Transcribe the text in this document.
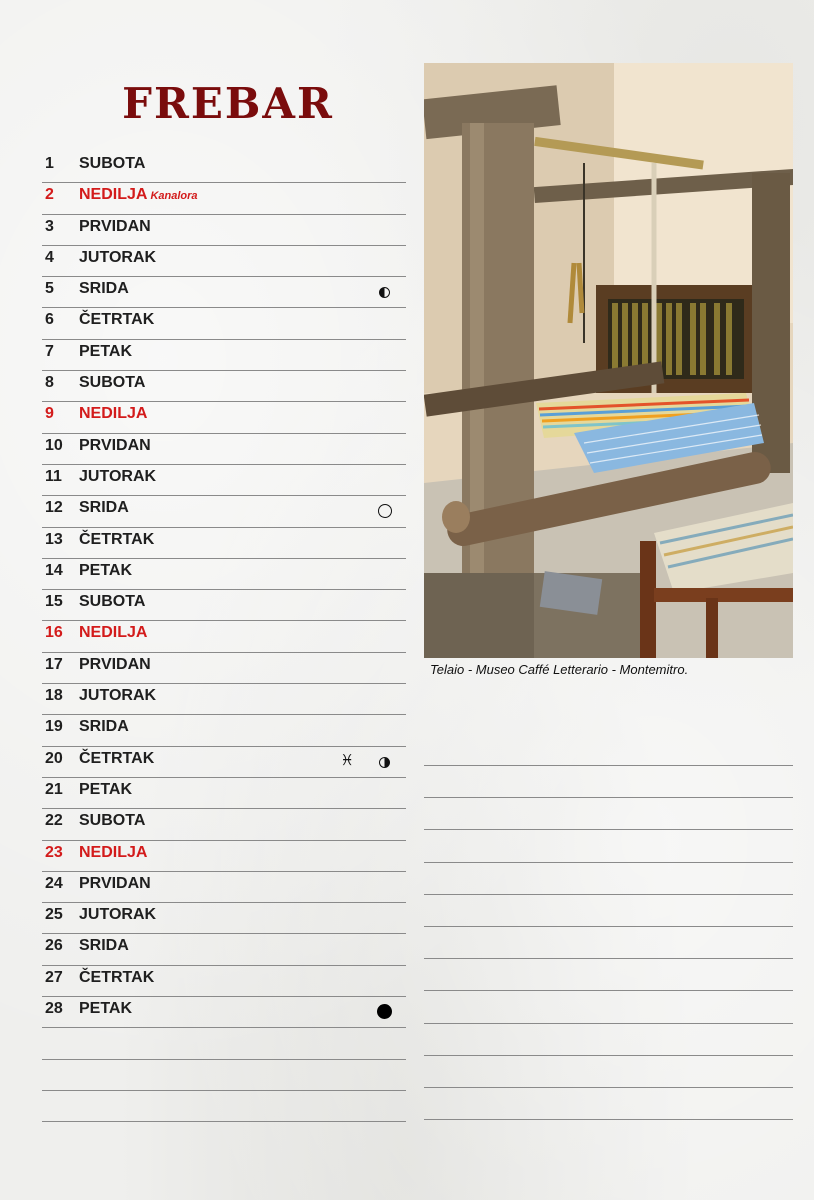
FREBAR
1 SUBOTA
2 NEDILJA Kanalora
3 PRVIDAN
4 JUTORAK
5 SRIDA
6 ČETRTAK
7 PETAK
8 SUBOTA
9 NEDILJA
10 PRVIDAN
11 JUTORAK
12 SRIDA
13 ČETRTAK
14 PETAK
15 SUBOTA
16 NEDILJA
17 PRVIDAN
18 JUTORAK
19 SRIDA
20 ČETRTAK	♓
21 PETAK
22 SUBOTA
23 NEDILJA
24 PRVIDAN
25 JUTORAK
26 SRIDA
27 ČETRTAK
28 PETAK
Telaio - Museo Caffé Letterario - Montemitro.
